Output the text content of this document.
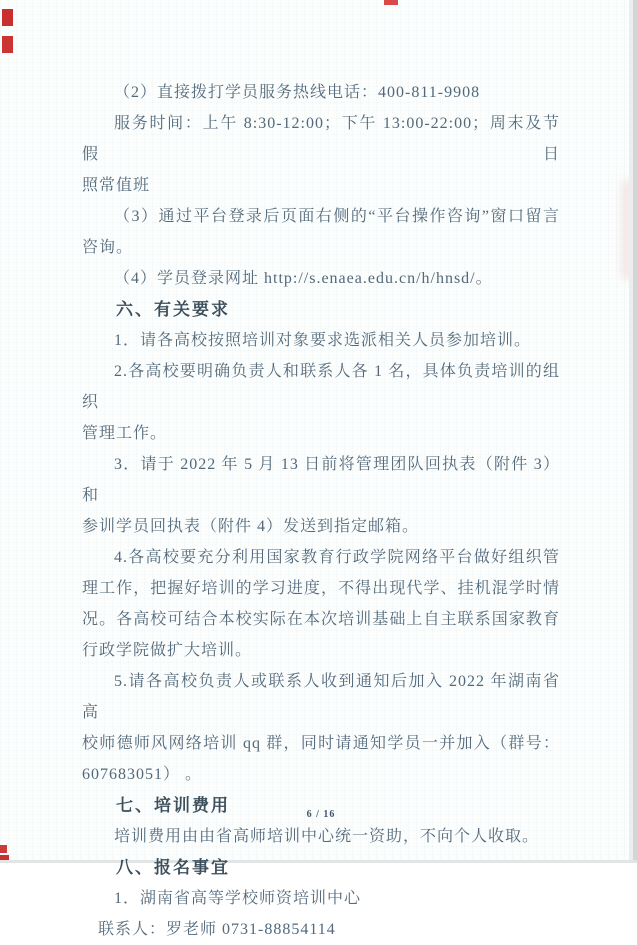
（2）直接拨打学员服务热线电话：400-811-9908
服务时间：上午 8:30-12:00；下午 13:00-22:00；周末及节假日
照常值班
（3）通过平台登录后页面右侧的“平台操作咨询”窗口留言
咨询。
（4）学员登录网址 http://s.enaea.edu.cn/h/hnsd/。
六、有关要求
1．请各高校按照培训对象要求选派相关人员参加培训。
2.各高校要明确负责人和联系人各 1 名，具体负责培训的组织
管理工作。
3．请于 2022 年 5 月 13 日前将管理团队回执表（附件 3）和
参训学员回执表（附件 4）发送到指定邮箱。
4.各高校要充分利用国家教育行政学院网络平台做好组织管
理工作，把握好培训的学习进度，不得出现代学、挂机混学时情
况。各高校可结合本校实际在本次培训基础上自主联系国家教育
行政学院做扩大培训。
5.请各高校负责人或联系人收到通知后加入 2022 年湖南省高
校师德师风网络培训 qq 群，同时请通知学员一并加入（群号：
607683051） 。
七、培训费用
培训费用由由省高师培训中心统一资助，不向个人收取。
八、报名事宜
1．湖南省高等学校师资培训中心
联系人：罗老师 0731-88854114
6 / 16
